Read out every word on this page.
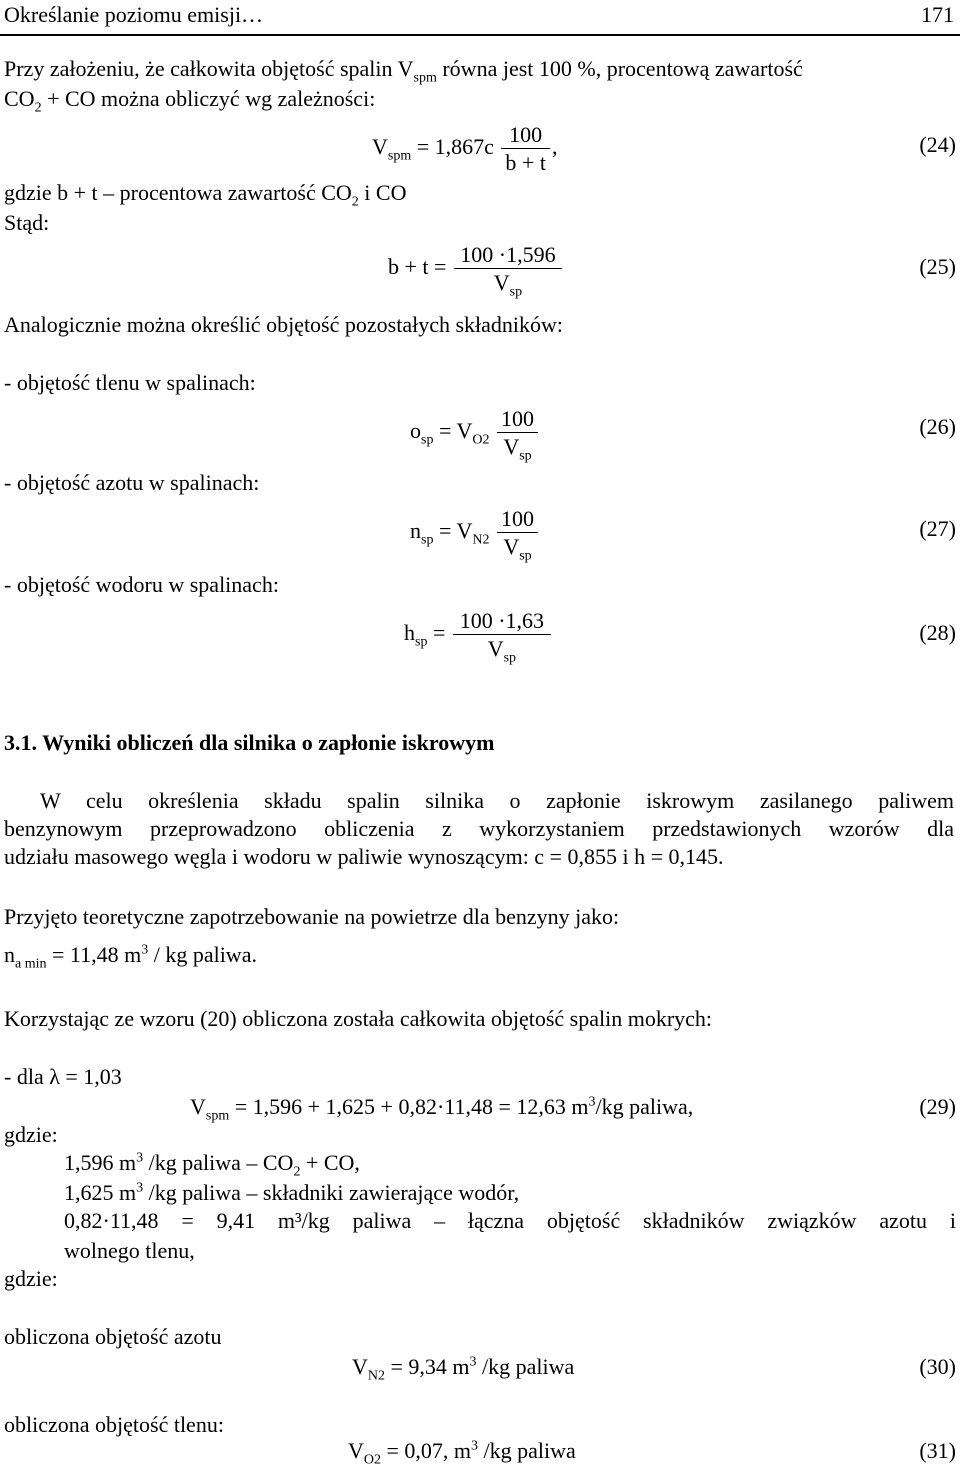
Określanie poziomu emisji…	171
Przy założeniu, że całkowita objętość spalin $V_{spm}$ równa jest 100 %, procentową zawartość
$CO_2$ + CO można obliczyć wg zależności:
$V_{spm} = 1,867c \frac{100}{b + t}$ ,	(24)
gdzie b + t – procentowa zawartość $CO_2$ i CO
Stąd:
$b + t = \frac{100 \cdot 1,596}{V_{sp}}$	(25)
Analogicznie można określić objętość pozostałych składników:
- objętość tlenu w spalinach:
$o_{sp} = V_{O2} \frac{100}{V_{sp}}$	(26)
- objętość azotu w spalinach:
$n_{sp} = V_{N2} \frac{100}{V_{sp}}$	(27)
- objętość wodoru w spalinach:
$h_{sp} = \frac{100 \cdot 1,63}{V_{sp}}$	(28)
3.1. Wyniki obliczeń dla silnika o zapłonie iskrowym
W celu określenia składu spalin silnika o zapłonie iskrowym zasilanego paliwem
benzynowym przeprowadzono obliczenia z wykorzystaniem przedstawionych wzorów dla
udziału masowego węgla i wodoru w paliwie wynoszącym: c = 0,855 i h = 0,145.
Przyjęto teoretyczne zapotrzebowanie na powietrze dla benzyny jako:
$n_{a min} = 11,48$ $m^3$ / kg paliwa.
Korzystając ze wzoru (20) obliczona została całkowita objętość spalin mokrych:
- dla λ = 1,03
$V_{spm} = 1,596 + 1,625 + 0,82\cdot 11,48 = 12,63$ $m^3/kg$ paliwa,	(29)
gdzie:
1,596 $m^3$ /kg paliwa – $CO_2$ + CO,
1,625 $m^3$ /kg paliwa – składniki zawierające wodór,
0,82·11,48 = 9,41 m³/kg paliwa – łączna objętość składników związków azotu i
wolnego tlenu,
gdzie:
obliczona objętość azotu
$V_{N2} = 9,34$ $m^3$ /kg paliwa	(30)
obliczona objętość tlenu:
$V_{O2} = 0,07$, $m^3$ /kg paliwa	(31)
